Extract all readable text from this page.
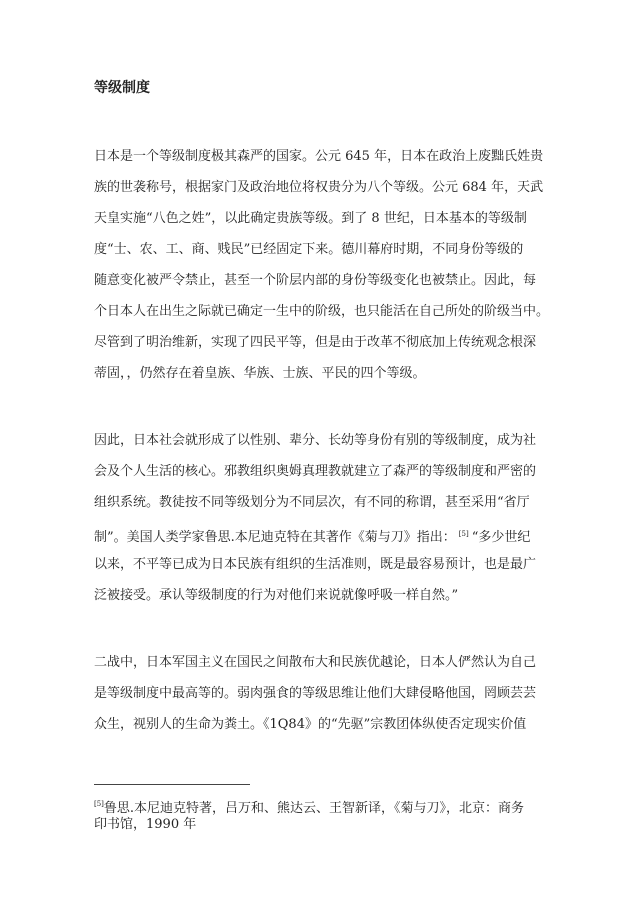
等级制度

日本是一个等级制度极其森严的国家。公元 645 年，日本在政治上废黜氏姓贵

族的世袭称号，根据家门及政治地位将权贵分为八个等级。公元 684 年，天武

天皇实施“八色之姓”，以此确定贵族等级。到了 8 世纪，日本基本的等级制

度“士、农、工、商、贱民”已经固定下来。德川幕府时期，不同身份等级的

随意变化被严令禁止，甚至一个阶层内部的身份等级变化也被禁止。因此，每

个日本人在出生之际就已确定一生中的阶级，也只能活在自己所处的阶级当中。

尽管到了明治维新，实现了四民平等，但是由于改革不彻底加上传统观念根深

蒂固，，仍然存在着皇族、华族、士族、平民的四个等级。

因此，日本社会就形成了以性别、辈分、长幼等身份有别的等级制度，成为社

会及个人生活的核心。邪教组织奥姆真理教就建立了森严的等级制度和严密的

组织系统。教徒按不同等级划分为不同层次，有不同的称谓，甚至采用“省厅

制”。美国人类学家鲁思.本尼迪克特在其著作《菊与刀》指出： [5] “多少世纪

以来，不平等已成为日本民族有组织的生活准则，既是最容易预计，也是最广

泛被接受。承认等级制度的行为对他们来说就像呼吸一样自然。”

二战中，日本军国主义在国民之间散布大和民族优越论，日本人俨然认为自己

是等级制度中最高等的。弱肉强食的等级思维让他们大肆侵略他国，罔顾芸芸

众生，视别人的生命为粪土。《1Q84》的“先驱”宗教团体纵使否定现实价值

[5]鲁思.本尼迪克特著，吕万和、熊达云、王智新译，《菊与刀》，北京：商务
印书馆，1990 年
